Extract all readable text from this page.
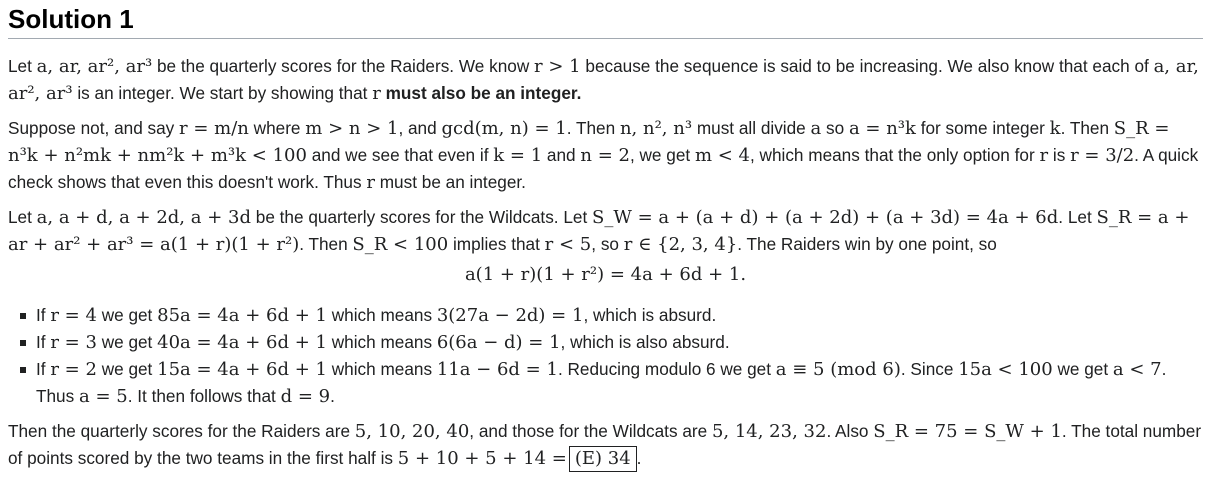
Solution 1

Let a, ar, ar², ar³ be the quarterly scores for the Raiders. We know r > 1 because the sequence is said to be increasing. We also know that each of a, ar, ar², ar³ is an integer. We start by showing that r must also be an integer.

Suppose not, and say r = m/n where m > n > 1, and gcd(m, n) = 1. Then n, n², n³ must all divide a so a = n³k for some integer k. Then S_R = n³k + n²mk + nm²k + m³k < 100 and we see that even if k = 1 and n = 2, we get m < 4, which means that the only option for r is r = 3/2. A quick check shows that even this doesn't work. Thus r must be an integer.

Let a, a + d, a + 2d, a + 3d be the quarterly scores for the Wildcats. Let S_W = a + (a + d) + (a + 2d) + (a + 3d) = 4a + 6d. Let S_R = a + ar + ar² + ar³ = a(1 + r)(1 + r²). Then S_R < 100 implies that r < 5, so r ∈ {2, 3, 4}. The Raiders win by one point, so

a(1 + r)(1 + r²) = 4a + 6d + 1.
If r = 4 we get 85a = 4a + 6d + 1 which means 3(27a − 2d) = 1, which is absurd.
If r = 3 we get 40a = 4a + 6d + 1 which means 6(6a − d) = 1, which is also absurd.
If r = 2 we get 15a = 4a + 6d + 1 which means 11a − 6d = 1. Reducing modulo 6 we get a ≡ 5 (mod 6). Since 15a < 100 we get a < 7. Thus a = 5. It then follows that d = 9.

Then the quarterly scores for the Raiders are 5, 10, 20, 40, and those for the Wildcats are 5, 14, 23, 32. Also S_R = 75 = S_W + 1. The total number of points scored by the two teams in the first half is 5 + 10 + 5 + 14 = (E) 34 .
